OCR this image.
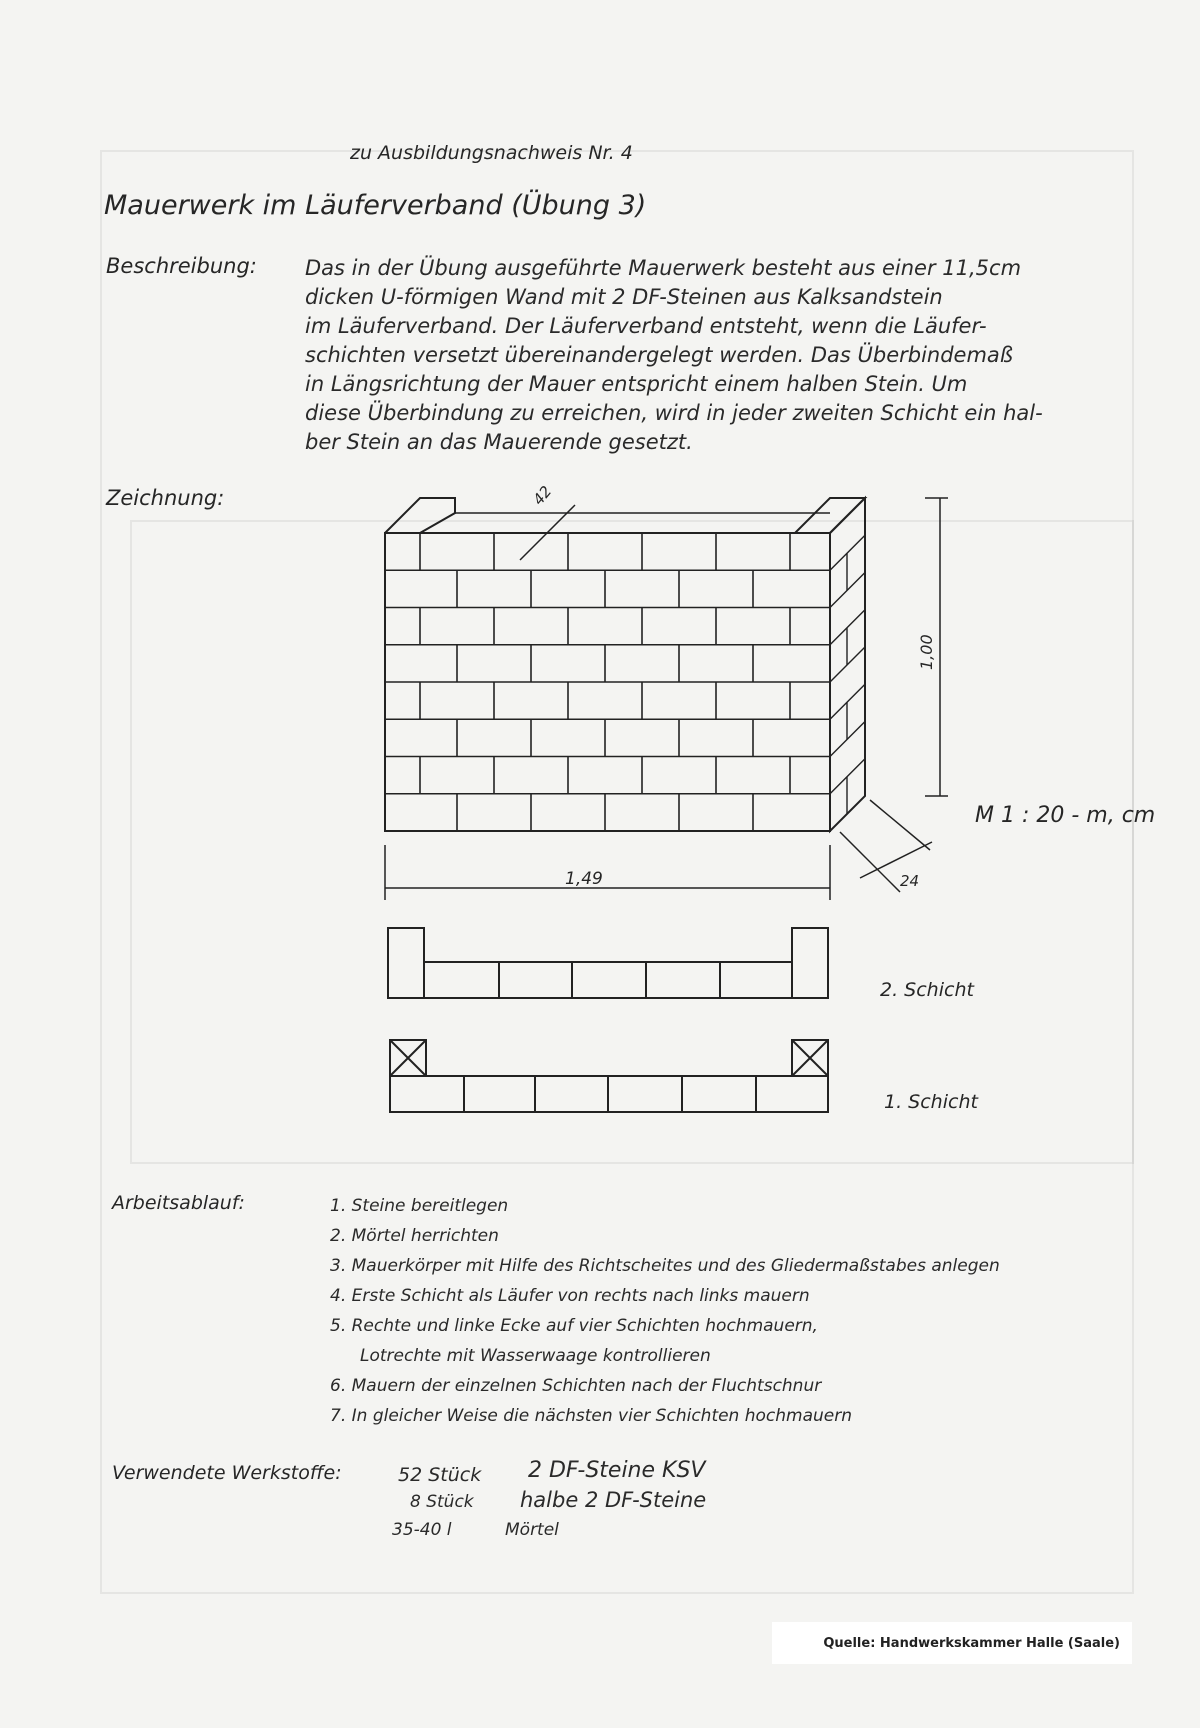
zu Ausbildungsnachweis Nr. 4
Mauerwerk im Läuferverband (Übung 3)
Beschreibung: Das in der Übung ausgeführte Mauerwerk besteht aus einer 11,5cm

dicken U-förmigen Wand mit 2 DF-Steinen aus Kalksandstein

im Läuferverband. Der Läuferverband entsteht, wenn die Läufer-

schichten versetzt übereinandergelegt werden. Das Überbindemaß

in Längsrichtung der Mauer entspricht einem halben Stein. Um

diese Überbindung zu erreichen, wird in jeder zweiten Schicht ein hal-

ber Stein an das Mauerende gesetzt.

Zeichnung:
1,00
1,49
42
24
M 1 : 20 - m, cm
2. Schicht
1. Schicht
Arbeitsablauf:	1. Steine bereitlegen
2. Mörtel herrichten
3. Mauerkörper mit Hilfe des Richtscheites und des Gliedermaßstabes anlegen
4. Erste Schicht als Läufer von rechts nach links mauern
5. Rechte und linke Ecke auf vier Schichten hochmauern,
Lotrechte mit Wasserwaage kontrollieren
6. Mauern der einzelnen Schichten nach der Fluchtschnur
7. In gleicher Weise die nächsten vier Schichten hochmauern
Verwendete Werkstoffe:	52 Stück 2 DF-Steine KSV
8 Stück halbe 2 DF-Steine
35-40 l	Mörtel
Quelle: Handwerkskammer Halle (Saale)
